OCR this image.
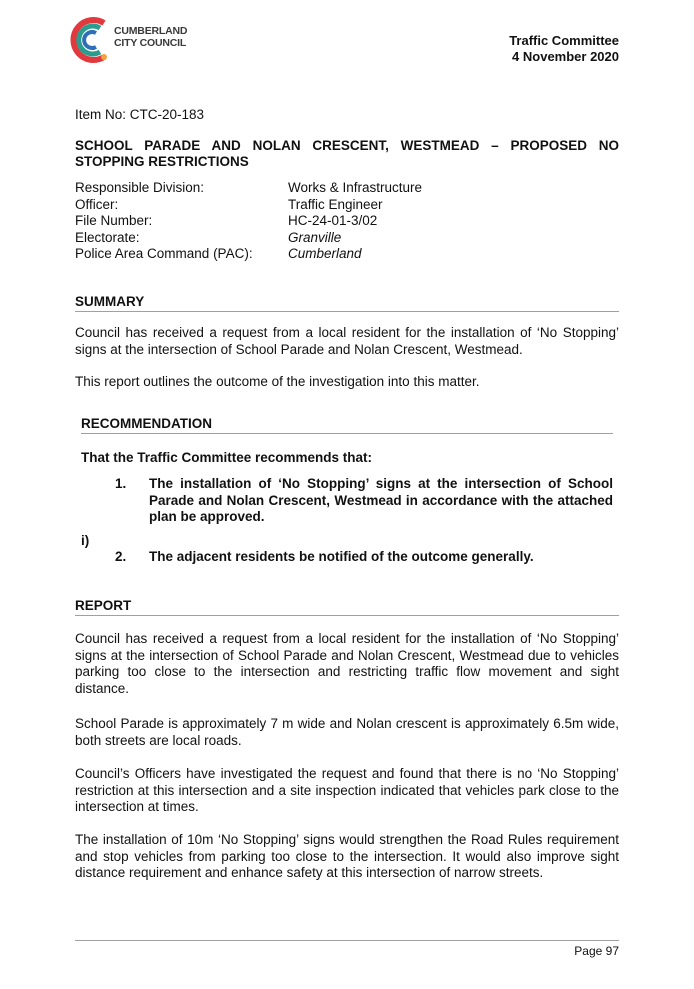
CUMBERLAND
CITY COUNCIL	Traffic Committee
4 November 2020
Item No: CTC-20-183
SCHOOL PARADE AND NOLAN CRESCENT, WESTMEAD – PROPOSED NO STOPPING RESTRICTIONS
Responsible Division:	Works & Infrastructure
Officer:	Traffic Engineer
File Number:	HC-24-01-3/02
Electorate:	Granville
Police Area Command (PAC):	Cumberland
SUMMARY

Council has received a request from a local resident for the installation of ‘No Stopping’ signs at the intersection of School Parade and Nolan Crescent, Westmead.

This report outlines the outcome of the investigation into this matter.

RECOMMENDATION
That the Traffic Committee recommends that:
1.	The installation of ‘No Stopping’ signs at the intersection of School Parade and Nolan Crescent, Westmead in accordance with the attached plan be approved.
i)
2.	The adjacent residents be notified of the outcome generally.
REPORT

Council has received a request from a local resident for the installation of ‘No Stopping’ signs at the intersection of School Parade and Nolan Crescent, Westmead due to vehicles parking too close to the intersection and restricting traffic flow movement and sight distance.

School Parade is approximately 7 m wide and Nolan crescent is approximately 6.5m wide, both streets are local roads.

Council’s Officers have investigated the request and found that there is no ‘No Stopping’ restriction at this intersection and a site inspection indicated that vehicles park close to the intersection at times.

The installation of 10m ‘No Stopping’ signs would strengthen the Road Rules requirement and stop vehicles from parking too close to the intersection. It would also improve sight distance requirement and enhance safety at this intersection of narrow streets.

Page 97
